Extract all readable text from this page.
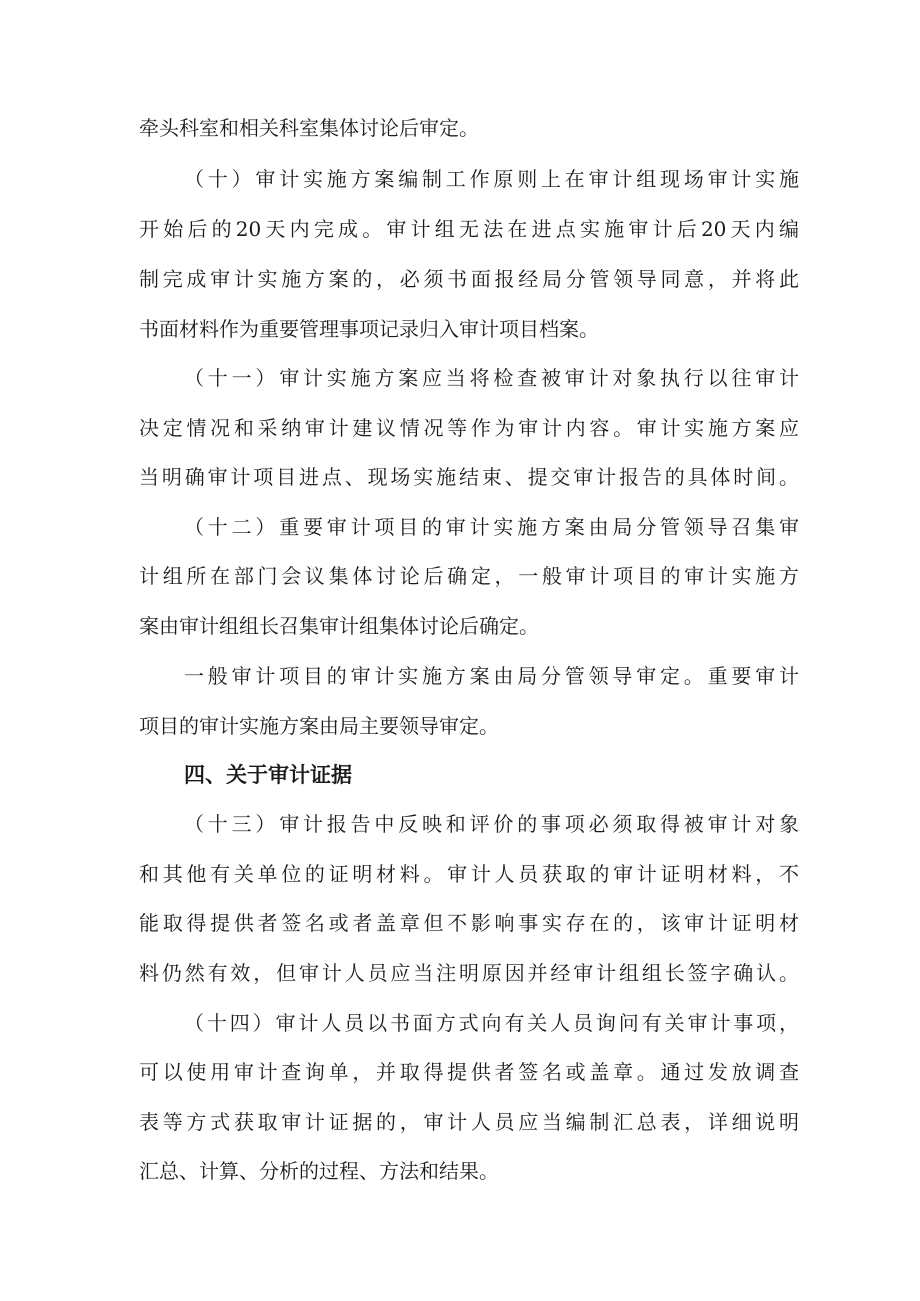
牵头科室和相关科室集体讨论后审定。
（十）审计实施方案编制工作原则上在审计组现场审计实施
开始后的20天内完成。审计组无法在进点实施审计后20天内编
制完成审计实施方案的，必须书面报经局分管领导同意，并将此
书面材料作为重要管理事项记录归入审计项目档案。
（十一）审计实施方案应当将检查被审计对象执行以往审计
决定情况和采纳审计建议情况等作为审计内容。审计实施方案应
当明确审计项目进点、现场实施结束、提交审计报告的具体时间。
（十二）重要审计项目的审计实施方案由局分管领导召集审
计组所在部门会议集体讨论后确定，一般审计项目的审计实施方
案由审计组组长召集审计组集体讨论后确定。
一般审计项目的审计实施方案由局分管领导审定。重要审计
项目的审计实施方案由局主要领导审定。
四、关于审计证据
（十三）审计报告中反映和评价的事项必须取得被审计对象
和其他有关单位的证明材料。审计人员获取的审计证明材料，不
能取得提供者签名或者盖章但不影响事实存在的，该审计证明材
料仍然有效，但审计人员应当注明原因并经审计组组长签字确认。
（十四）审计人员以书面方式向有关人员询问有关审计事项，
可以使用审计查询单，并取得提供者签名或盖章。通过发放调查
表等方式获取审计证据的，审计人员应当编制汇总表，详细说明
汇总、计算、分析的过程、方法和结果。
